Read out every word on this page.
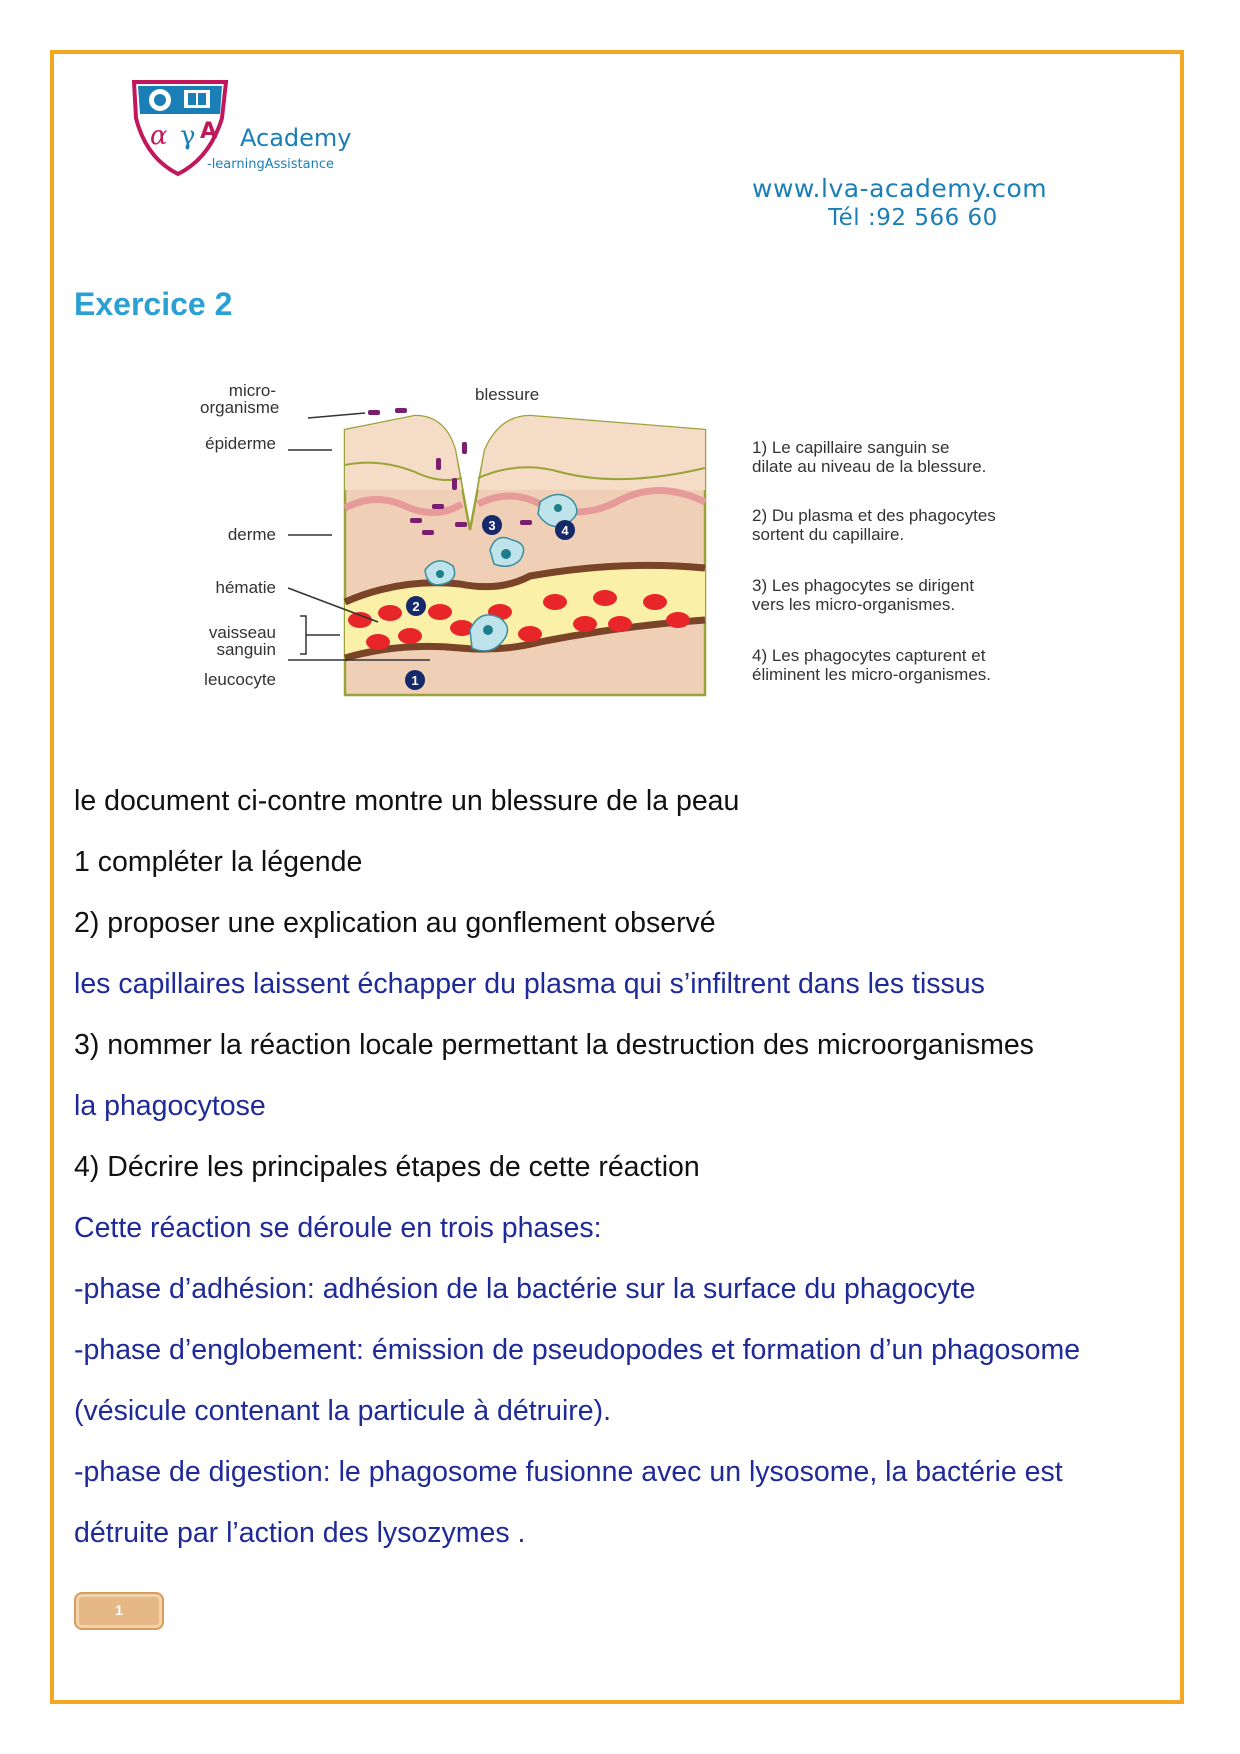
α γ A Academy
-learningAssistance
www.lva-academy.com
Tél :92 566 60
Exercice 2
2
1
3	4
micro-
organisme
blessure
épiderme
derme
hématie
vaisseau
sanguin
leucocyte
1) Le capillaire sanguin se
dilate au niveau de la blessure.
2) Du plasma et des phagocytes
sortent du capillaire.
3) Les phagocytes se dirigent
vers les micro-organismes.
4) Les phagocytes capturent et
éliminent les micro-organismes.
le document ci-contre montre un blessure de la peau
1 compléter la légende
2) proposer une explication au gonflement observé
les capillaires laissent échapper du plasma qui s’infiltrent dans les tissus
3) nommer la réaction locale permettant la destruction des microorganismes
la phagocytose
4) Décrire les principales étapes de cette réaction
Cette réaction se déroule en trois phases:
-phase d’adhésion: adhésion de la bactérie sur la surface du phagocyte
-phase d’englobement: émission de pseudopodes et formation d’un phagosome
(vésicule contenant la particule à détruire).
-phase de digestion: le phagosome fusionne avec un lysosome, la bactérie est
détruite par l’action des lysozymes .
1
